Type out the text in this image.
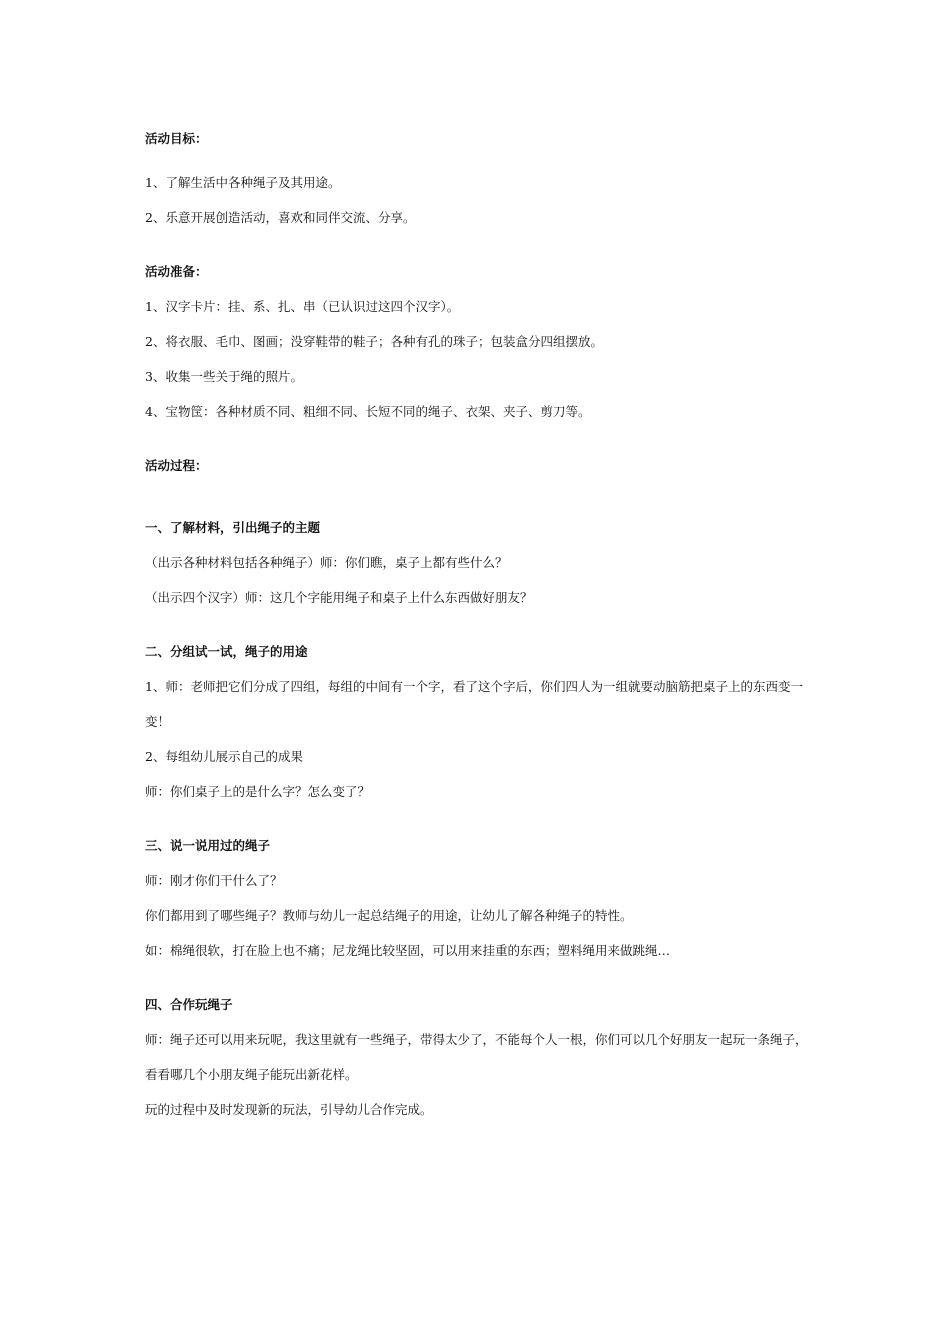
活动目标：
1、了解生活中各种绳子及其用途。
2、乐意开展创造活动，喜欢和同伴交流、分享。
活动准备：
1、汉字卡片：挂、系、扎、串（已认识过这四个汉字）。
2、将衣服、毛巾、图画；没穿鞋带的鞋子；各种有孔的珠子；包装盒分四组摆放。
3、收集一些关于绳的照片。
4、宝物筐：各种材质不同、粗细不同、长短不同的绳子、衣架、夹子、剪刀等。
活动过程：
一、了解材料，引出绳子的主题
（出示各种材料包括各种绳子）师：你们瞧，桌子上都有些什么？
（出示四个汉字）师：这几个字能用绳子和桌子上什么东西做好朋友？
二、分组试一试，绳子的用途
1、师：老师把它们分成了四组，每组的中间有一个字，看了这个字后，你们四人为一组就要动脑筋把桌子上的东西变一变！
2、每组幼儿展示自己的成果
师：你们桌子上的是什么字？怎么变了？
三、说一说用过的绳子
师：刚才你们干什么了？
你们都用到了哪些绳子？教师与幼儿一起总结绳子的用途，让幼儿了解各种绳子的特性。
如：棉绳很软，打在脸上也不痛；尼龙绳比较坚固，可以用来挂重的东西；塑料绳用来做跳绳…
四、合作玩绳子
师：绳子还可以用来玩呢，我这里就有一些绳子，带得太少了，不能每个人一根，你们可以几个好朋友一起玩一条绳子，看看哪几个小朋友绳子能玩出新花样。
玩的过程中及时发现新的玩法，引导幼儿合作完成。
